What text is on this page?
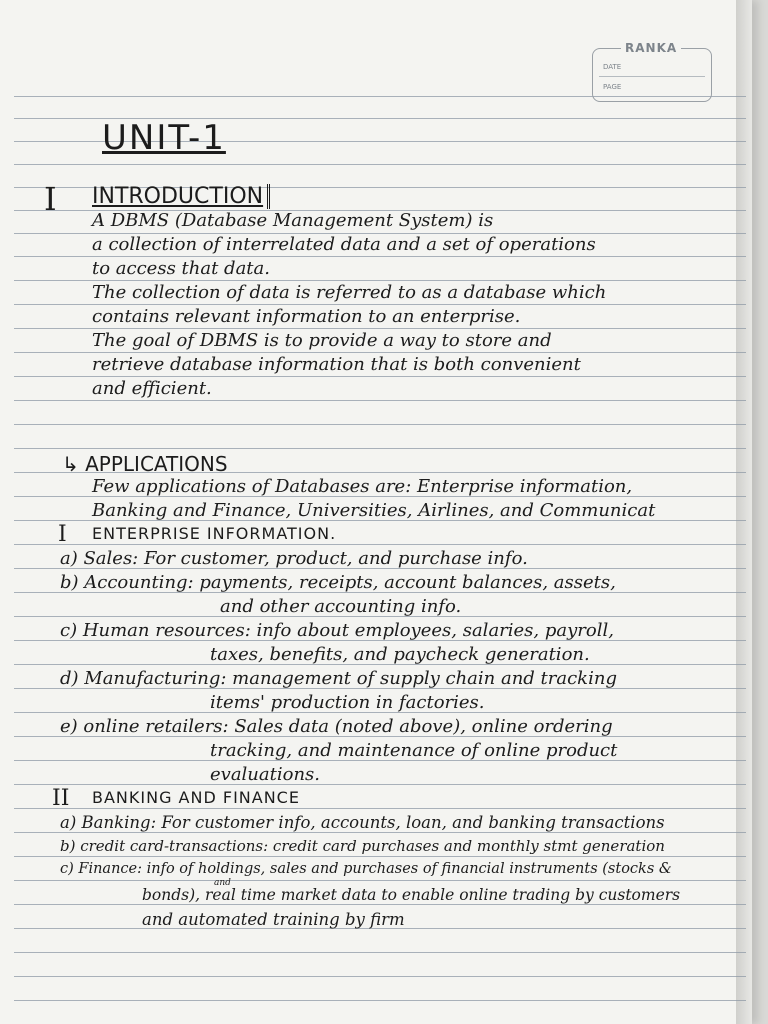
RANKA
DATE
PAGE
UNIT-1
I INTRODUCTION
A DBMS (Database Management System) is
a collection of interrelated data and a set of operations
to access that data.
The collection of data is referred to as a database which
contains relevant information to an enterprise.
The goal of DBMS is to provide a way to store and
retrieve database information that is both convenient
and efficient.
↳ APPLICATIONS
Few applications of Databases are: Enterprise information,
Banking and Finance, Universities, Airlines, and Communicat
I ENTERPRISE INFORMATION.
a) Sales: For customer, product, and purchase info.
b) Accounting: payments, receipts, account balances, assets,
and other accounting info.
c) Human resources: info about employees, salaries, payroll,
taxes, benefits, and paycheck generation.
d) Manufacturing: management of supply chain and tracking
items' production in factories.
e) online retailers: Sales data (noted above), online ordering
tracking, and maintenance of online product
evaluations.
II BANKING AND FINANCE
a) Banking: For customer info, accounts, loan, and banking transactions
b) credit card-transactions: credit card purchases and monthly stmt generation
c) Finance: info of holdings, sales and purchases of financial instruments (stocks &
and
bonds), real time market data to enable online trading by customers
and automated training by firm
